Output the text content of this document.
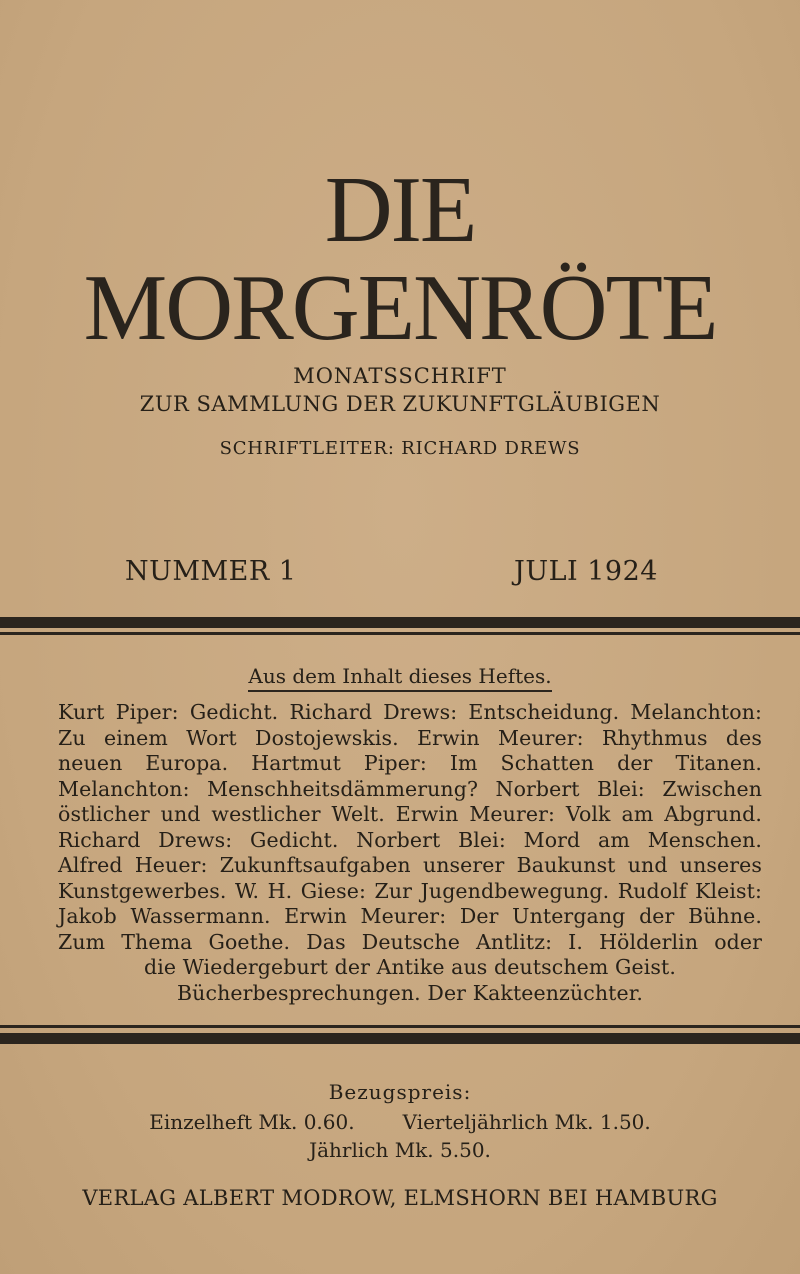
DIE
MORGENRÖTE
MONATSSCHRIFT
ZUR SAMMLUNG DER ZUKUNFTGLÄUBIGEN
SCHRIFTLEITER: RICHARD DREWS
NUMMER 1	JULI 1924
Aus dem Inhalt dieses Heftes.
Kurt Piper: Gedicht. Richard Drews: Entscheidung. Melanchton:
Zu einem Wort Dostojewskis. Erwin Meurer: Rhythmus des
neuen Europa. Hartmut Piper: Im Schatten der Titanen.
Melanchton: Menschheitsdämmerung? Norbert Blei: Zwischen
östlicher und westlicher Welt. Erwin Meurer: Volk am Abgrund.
Richard Drews: Gedicht. Norbert Blei: Mord am Menschen.
Alfred Heuer: Zukunftsaufgaben unserer Baukunst und unseres
Kunstgewerbes. W. H. Giese: Zur Jugendbewegung. Rudolf Kleist:
Jakob Wassermann. Erwin Meurer: Der Untergang der Bühne.
Zum Thema Goethe. Das Deutsche Antlitz: I. Hölderlin oder
die Wiedergeburt der Antike aus deutschem Geist.
Bücherbesprechungen. Der Kakteenzüchter.
Bezugspreis:
Einzelheft Mk. 0.60. Vierteljährlich Mk. 1.50.
Jährlich Mk. 5.50.
VERLAG ALBERT MODROW, ELMSHORN BEI HAMBURG
